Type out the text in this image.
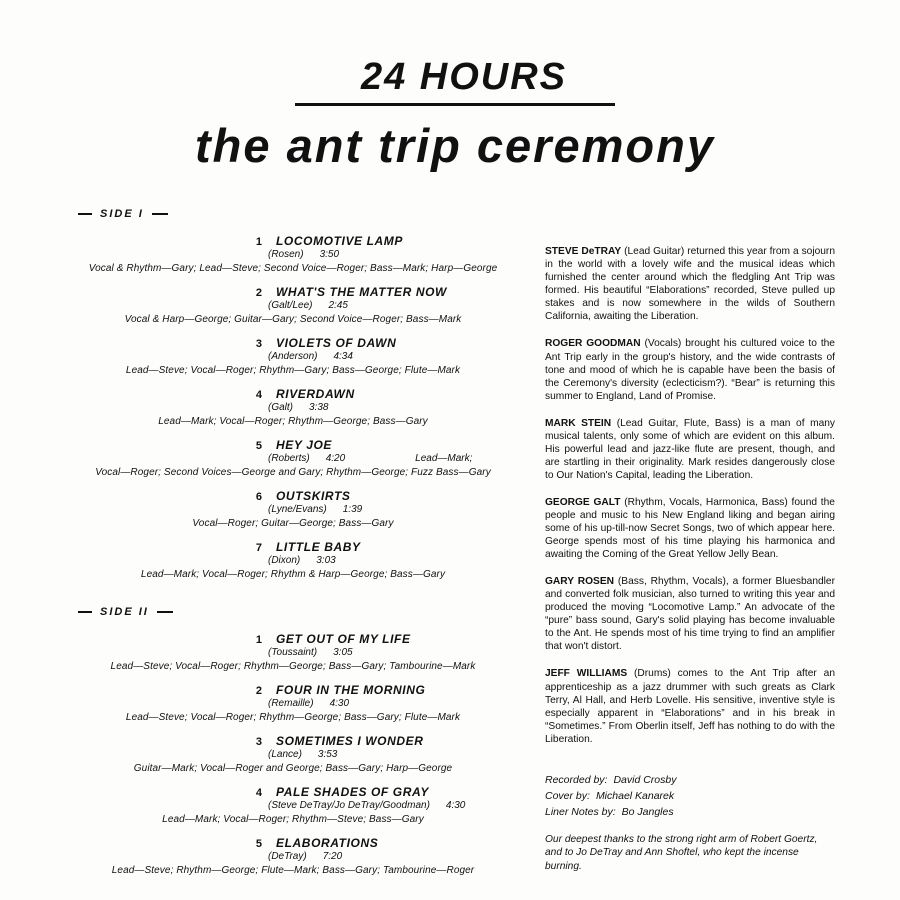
24 HOURS
the ant trip ceremony
SIDE I
1 LOCOMOTIVE LAMP
(Rosen) 3:50
Vocal & Rhythm—Gary; Lead—Steve; Second Voice—Roger; Bass—Mark; Harp—George
2 WHAT'S THE MATTER NOW
(Galt/Lee) 2:45
Vocal & Harp—George; Guitar—Gary; Second Voice—Roger; Bass—Mark
3 VIOLETS OF DAWN
(Anderson) 4:34
Lead—Steve; Vocal—Roger; Rhythm—Gary; Bass—George; Flute—Mark
4 RIVERDAWN
(Galt) 3:38
Lead—Mark; Vocal—Roger; Rhythm—George; Bass—Gary
5 HEY JOE
(Roberts) 4:20	Lead—Mark;
Vocal—Roger; Second Voices—George and Gary; Rhythm—George; Fuzz Bass—Gary
6 OUTSKIRTS
(Lyne/Evans) 1:39
Vocal—Roger; Guitar—George; Bass—Gary
7 LITTLE BABY
(Dixon) 3:03
Lead—Mark; Vocal—Roger; Rhythm & Harp—George; Bass—Gary
SIDE II
1 GET OUT OF MY LIFE
(Toussaint) 3:05
Lead—Steve; Vocal—Roger; Rhythm—George; Bass—Gary; Tambourine—Mark
2 FOUR IN THE MORNING
(Remaille) 4:30
Lead—Steve; Vocal—Roger; Rhythm—George; Bass—Gary; Flute—Mark
3 SOMETIMES I WONDER
(Lance) 3:53
Guitar—Mark; Vocal—Roger and George; Bass—Gary; Harp—George
4 PALE SHADES OF GRAY
(Steve DeTray/Jo DeTray/Goodman) 4:30
Lead—Mark; Vocal—Roger; Rhythm—Steve; Bass—Gary
5 ELABORATIONS
(DeTray) 7:20
Lead—Steve; Rhythm—George; Flute—Mark; Bass—Gary; Tambourine—Roger

STEVE DeTRAY (Lead Guitar) returned this year from a sojourn in the world with a lovely wife and the musical ideas which furnished the center around which the fledgling Ant Trip was formed. His beautiful “Elaborations” recorded, Steve pulled up stakes and is now somewhere in the wilds of Southern California, awaiting the Liberation.

ROGER GOODMAN (Vocals) brought his cultured voice to the Ant Trip early in the group's history, and the wide contrasts of tone and mood of which he is capable have been the basis of the Ceremony's diversity (eclecticism?). “Bear” is returning this summer to England, Land of Promise.

MARK STEIN (Lead Guitar, Flute, Bass) is a man of many musical talents, only some of which are evident on this album. His powerful lead and jazz-like flute are present, though, and are startling in their originality. Mark resides dangerously close to Our Nation's Capital, leading the Liberation.

GEORGE GALT (Rhythm, Vocals, Harmonica, Bass) found the people and music to his New England liking and began airing some of his up-till-now Secret Songs, two of which appear here. George spends most of his time playing his harmonica and awaiting the Coming of the Great Yellow Jelly Bean.

GARY ROSEN (Bass, Rhythm, Vocals), a former Bluesbandler and converted folk musician, also turned to writing this year and produced the moving “Locomotive Lamp.” An advocate of the “pure” bass sound, Gary's solid playing has become invaluable to the Ant. He spends most of his time trying to find an amplifier that won't distort.

JEFF WILLIAMS (Drums) comes to the Ant Trip after an apprenticeship as a jazz drummer with such greats as Clark Terry, Al Hall, and Herb Lovelle. His sensitive, inventive style is especially apparent in “Elaborations” and in his break in “Sometimes.” From Oberlin itself, Jeff has nothing to do with the Liberation.

Recorded by: David Crosby
Cover by: Michael Kanarek
Liner Notes by: Bo Jangles
Our deepest thanks to the strong right arm of Robert Goertz, and to Jo DeTray and Ann Shoftel, who kept the incense burning.
